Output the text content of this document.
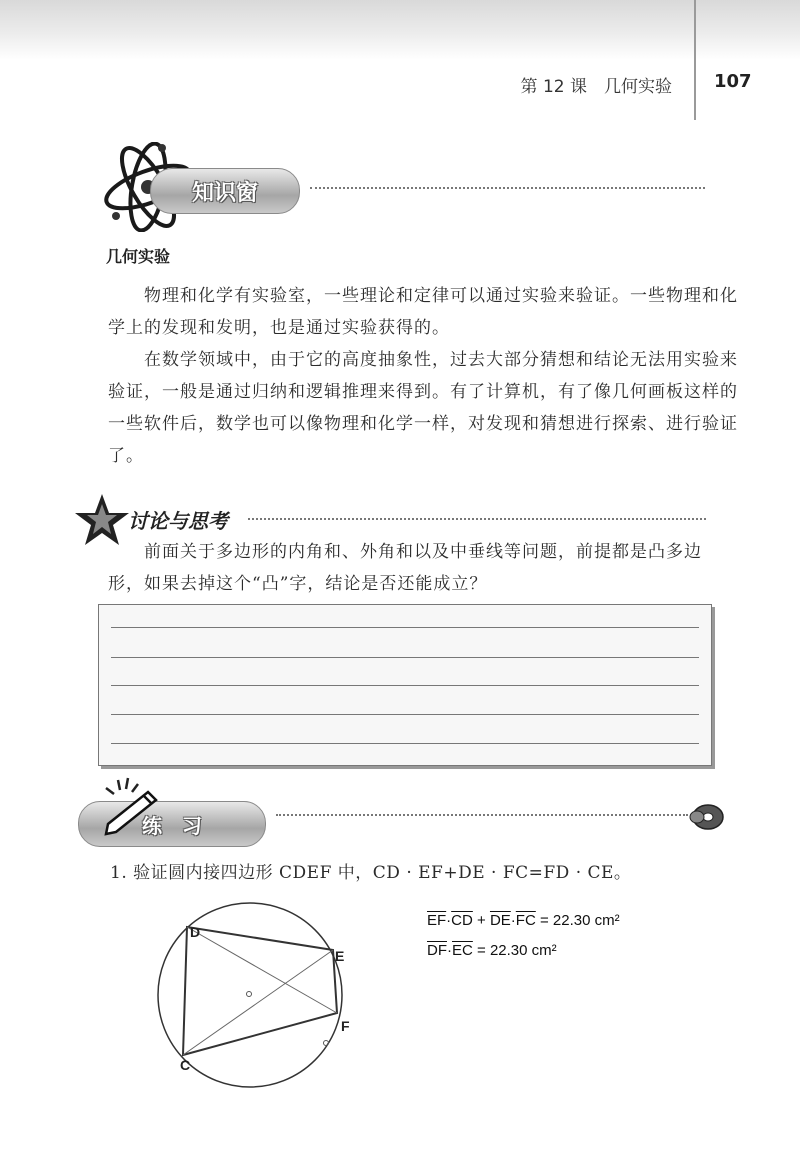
第 12 课　几何实验 107
知识窗
几何实验
物理和化学有实验室，一些理论和定律可以通过实验来验证。一些物理和化学上的发现和发明，也是通过实验获得的。
在数学领域中，由于它的高度抽象性，过去大部分猜想和结论无法用实验来验证，一般是通过归纳和逻辑推理来得到。有了计算机，有了像几何画板这样的一些软件后，数学也可以像物理和化学一样，对发现和猜想进行探索、进行验证了。
讨论与思考
前面关于多边形的内角和、外角和以及中垂线等问题，前提都是凸多边形，如果去掉这个“凸”字，结论是否还能成立？
练　习
1. 验证圆内接四边形 CDEF 中，CD · EF+DE · FC=FD · CE。
$\overline{EF}\cdot\overline{CD} + \overline{DE}\cdot\overline{FC} = 22.30$ cm²
$\overline{DF}\cdot\overline{EC} = 22.30$ cm²
D
E
F
C
